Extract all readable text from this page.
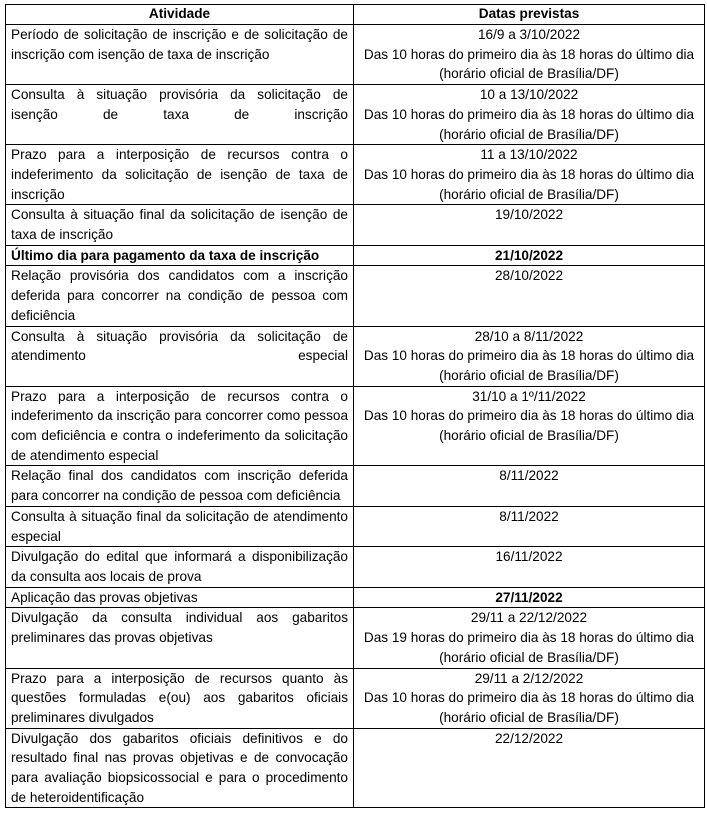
Atividade	Datas previstas
Período de solicitação de inscrição e de solicitação de inscrição com isenção de taxa de inscrição	16/9 a 3/10/2022
Das 10 horas do primeiro dia às 18 horas do último dia (horário oficial de Brasília/DF)

Consulta à situação provisória da solicitação de isenção de taxa de inscrição	10 a 13/10/2022
Das 10 horas do primeiro dia às 18 horas do último dia (horário oficial de Brasília/DF)

Prazo para a interposição de recursos contra o indeferimento da solicitação de isenção de taxa de inscrição	11 a 13/10/2022
Das 10 horas do primeiro dia às 18 horas do último dia (horário oficial de Brasília/DF)

Consulta à situação final da solicitação de isenção de taxa de inscrição	19/10/2022
Último dia para pagamento da taxa de inscrição	21/10/2022
Relação provisória dos candidatos com a inscrição deferida para concorrer na condição de pessoa com deficiência	28/10/2022
Consulta à situação provisória da solicitação de atendimento especial	28/10 a 8/11/2022
Das 10 horas do primeiro dia às 18 horas do último dia (horário oficial de Brasília/DF)

Prazo para a interposição de recursos contra o indeferimento da inscrição para concorrer como pessoa com deficiência e contra o indeferimento da solicitação de atendimento especial	31/10 a 1º/11/2022
Das 10 horas do primeiro dia às 18 horas do último dia (horário oficial de Brasília/DF)

Relação final dos candidatos com inscrição deferida para concorrer na condição de pessoa com deficiência	8/11/2022
Consulta à situação final da solicitação de atendimento especial	8/11/2022
Divulgação do edital que informará a disponibilização da consulta aos locais de prova	16/11/2022
Aplicação das provas objetivas	27/11/2022
Divulgação da consulta individual aos gabaritos preliminares das provas objetivas	29/11 a 22/12/2022
Das 19 horas do primeiro dia às 18 horas do último dia (horário oficial de Brasília/DF)

Prazo para a interposição de recursos quanto às questões formuladas e(ou) aos gabaritos oficiais preliminares divulgados	29/11 a 2/12/2022
Das 10 horas do primeiro dia às 18 horas do último dia (horário oficial de Brasília/DF)

Divulgação dos gabaritos oficiais definitivos e do resultado final nas provas objetivas e de convocação para avaliação biopsicossocial e para o procedimento de heteroidentificação	22/12/2022
